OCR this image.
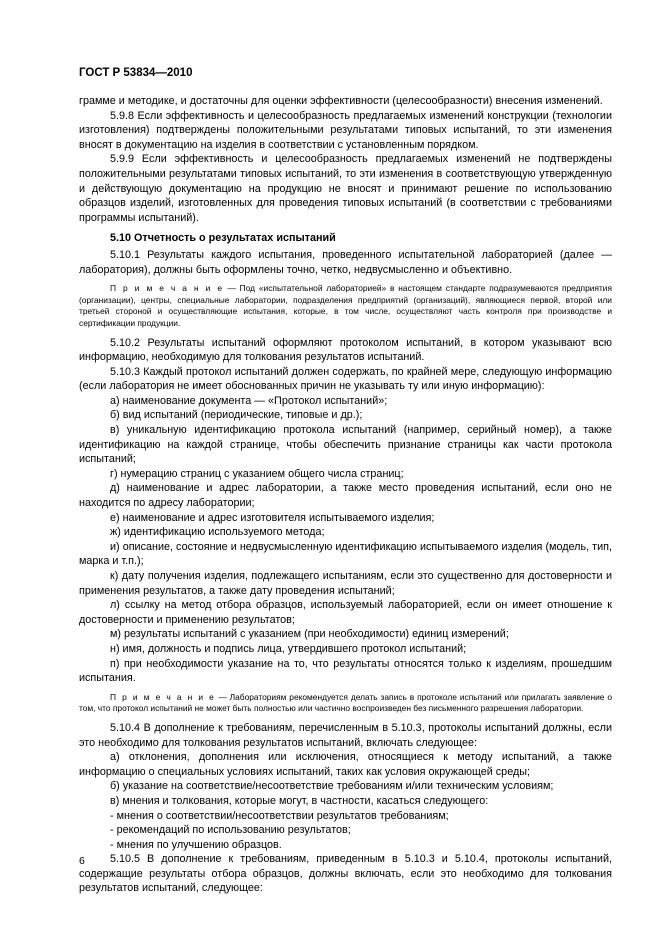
ГОСТ Р 53834—2010

грамме и методике, и достаточны для оценки эффективности (целесообразности) внесения изменений.

5.9.8 Если эффективность и целесообразность предлагаемых изменений конструкции (технологии изготовления) подтверждены положительными результатами типовых испытаний, то эти изменения вносят в документацию на изделия в соответствии с установленным порядком.

5.9.9 Если эффективность и целесообразность предлагаемых изменений не подтверждены положительными результатами типовых испытаний, то эти изменения в соответствующую утвержденную и действующую документацию на продукцию не вносят и принимают решение по использованию образцов изделий, изготовленных для проведения типовых испытаний (в соответствии с требованиями программы испытаний).

5.10 Отчетность о результатах испытаний

5.10.1 Результаты каждого испытания, проведенного испытательной лабораторией (далее — лаборатория), должны быть оформлены точно, четко, недвусмысленно и объективно.

П р и м е ч а н и е — Под «испытательной лабораторией» в настоящем стандарте подразумеваются предприятия (организации), центры, специальные лаборатории, подразделения предприятий (организаций), являющиеся первой, второй или третьей стороной и осуществляющие испытания, которые, в том числе, осуществляют часть контроля при производстве и сертификации продукции.

5.10.2 Результаты испытаний оформляют протоколом испытаний, в котором указывают всю информацию, необходимую для толкования результатов испытаний.

5.10.3 Каждый протокол испытаний должен содержать, по крайней мере, следующую информацию (если лаборатория не имеет обоснованных причин не указывать ту или иную информацию):

а) наименование документа — «Протокол испытаний»;

б) вид испытаний (периодические, типовые и др.);

в) уникальную идентификацию протокола испытаний (например, серийный номер), а также идентификацию на каждой странице, чтобы обеспечить признание страницы как части протокола испытаний;

г) нумерацию страниц с указанием общего числа страниц;

д) наименование и адрес лаборатории, а также место проведения испытаний, если оно не находится по адресу лаборатории;

е) наименование и адрес изготовителя испытываемого изделия;

ж) идентификацию используемого метода;

и) описание, состояние и недвусмысленную идентификацию испытываемого изделия (модель, тип, марка и т.п.);

к) дату получения изделия, подлежащего испытаниям, если это существенно для достоверности и применения результатов, а также дату проведения испытаний;

л) ссылку на метод отбора образцов, используемый лабораторией, если он имеет отношение к достоверности и применению результатов;

м) результаты испытаний с указанием (при необходимости) единиц измерений;

н) имя, должность и подпись лица, утвердившего протокол испытаний;

п) при необходимости указание на то, что результаты относятся только к изделиям, прошедшим испытания.

П р и м е ч а н и е — Лабораториям рекомендуется делать запись в протоколе испытаний или прилагать заявление о том, что протокол испытаний не может быть полностью или частично воспроизведен без письменного разрешения лаборатории.

5.10.4 В дополнение к требованиям, перечисленным в 5.10.3, протоколы испытаний должны, если это необходимо для толкования результатов испытаний, включать следующее:

а) отклонения, дополнения или исключения, относящиеся к методу испытаний, а также информацию о специальных условиях испытаний, таких как условия окружающей среды;

б) указание на соответствие/несоответствие требованиям и/или техническим условиям;

в) мнения и толкования, которые могут, в частности, касаться следующего:

- мнения о соответствии/несоответствии результатов требованиям;

- рекомендаций по использованию результатов;

- мнения по улучшению образцов.

5.10.5 В дополнение к требованиям, приведенным в 5.10.3 и 5.10.4, протоколы испытаний, содержащие результаты отбора образцов, должны включать, если это необходимо для толкования результатов испытаний, следующее:

6
